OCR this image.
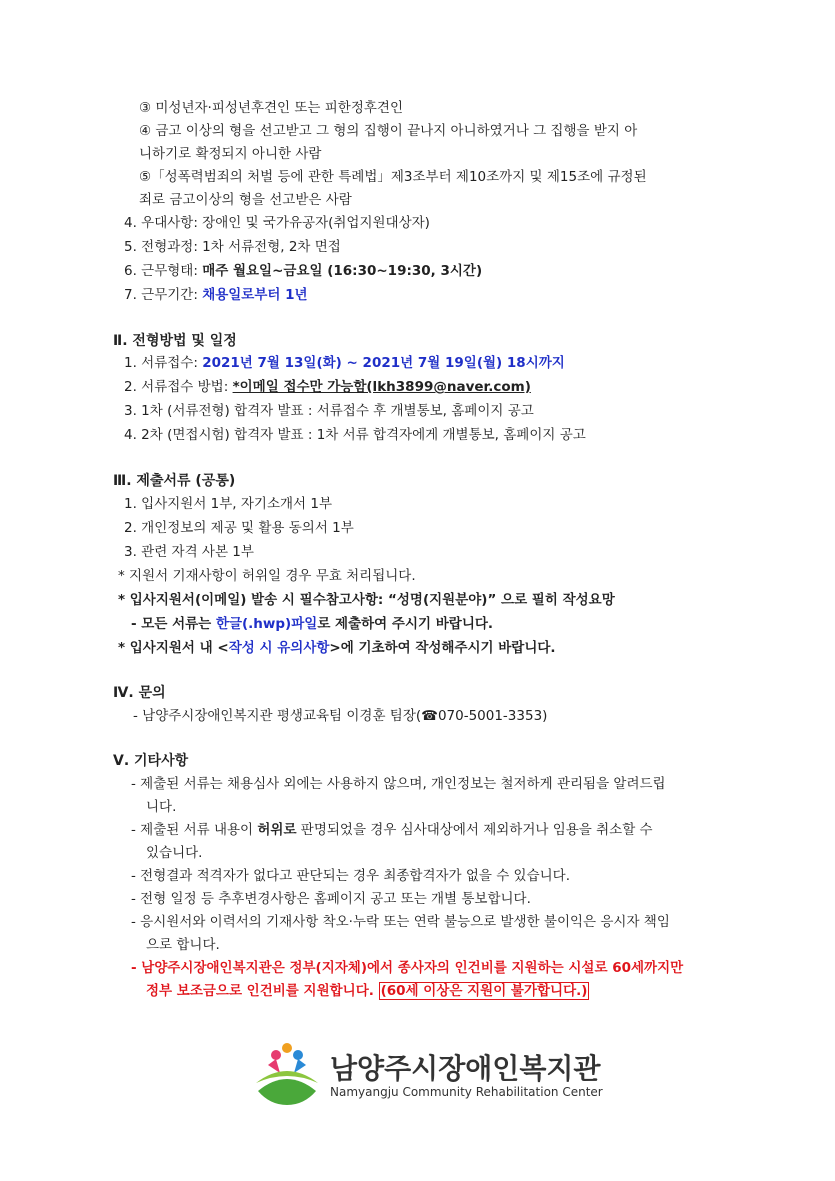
③ 미성년자·피성년후견인 또는 피한정후견인
④ 금고 이상의 형을 선고받고 그 형의 집행이 끝나지 아니하였거나 그 집행을 받지 아
니하기로 확정되지 아니한 사람
⑤「성폭력범죄의 처벌 등에 관한 특례법」제3조부터 제10조까지 및 제15조에 규정된
죄로 금고이상의 형을 선고받은 사람
4. 우대사항: 장애인 및 국가유공자(취업지원대상자)
5. 전형과정: 1차 서류전형, 2차 면접
6. 근무형태: 매주 월요일~금요일 (16:30~19:30, 3시간)
7. 근무기간: 채용일로부터 1년
Ⅱ. 전형방법 및 일정
1. 서류접수: 2021년 7월 13일(화) ~ 2021년 7월 19일(월) 18시까지
2. 서류접수 방법: *이메일 접수만 가능함(lkh3899@naver.com)
3. 1차 (서류전형) 합격자 발표 : 서류접수 후 개별통보, 홈페이지 공고
4. 2차 (면접시험) 합격자 발표 : 1차 서류 합격자에게 개별통보, 홈페이지 공고
Ⅲ. 제출서류 (공통)
1. 입사지원서 1부, 자기소개서 1부
2. 개인정보의 제공 및 활용 동의서 1부
3. 관련 자격 사본 1부
* 지원서 기재사항이 허위일 경우 무효 처리됩니다.
* 입사지원서(이메일) 발송 시 필수참고사항: “성명(지원분야)” 으로 필히 작성요망
- 모든 서류는 한글(.hwp)파일로 제출하여 주시기 바랍니다.
* 입사지원서 내 <작성 시 유의사항>에 기초하여 작성해주시기 바랍니다.
Ⅳ. 문의
- 남양주시장애인복지관 평생교육팀 이경훈 팀장(☎070-5001-3353)
Ⅴ. 기타사항
- 제출된 서류는 채용심사 외에는 사용하지 않으며, 개인정보는 철저하게 관리됨을 알려드립
니다.
- 제출된 서류 내용이 허위로 판명되었을 경우 심사대상에서 제외하거나 임용을 취소할 수
있습니다.
- 전형결과 적격자가 없다고 판단되는 경우 최종합격자가 없을 수 있습니다.
- 전형 일정 등 추후변경사항은 홈페이지 공고 또는 개별 통보합니다.
- 응시원서와 이력서의 기재사항 착오·누락 또는 연락 불능으로 발생한 불이익은 응시자 책임
으로 합니다.
- 남양주시장애인복지관은 정부(지자체)에서 종사자의 인건비를 지원하는 시설로 60세까지만
정부 보조금으로 인건비를 지원합니다. (60세 이상은 지원이 불가합니다.)
남양주시장애인복지관
Namyangju Community Rehabilitation Center
